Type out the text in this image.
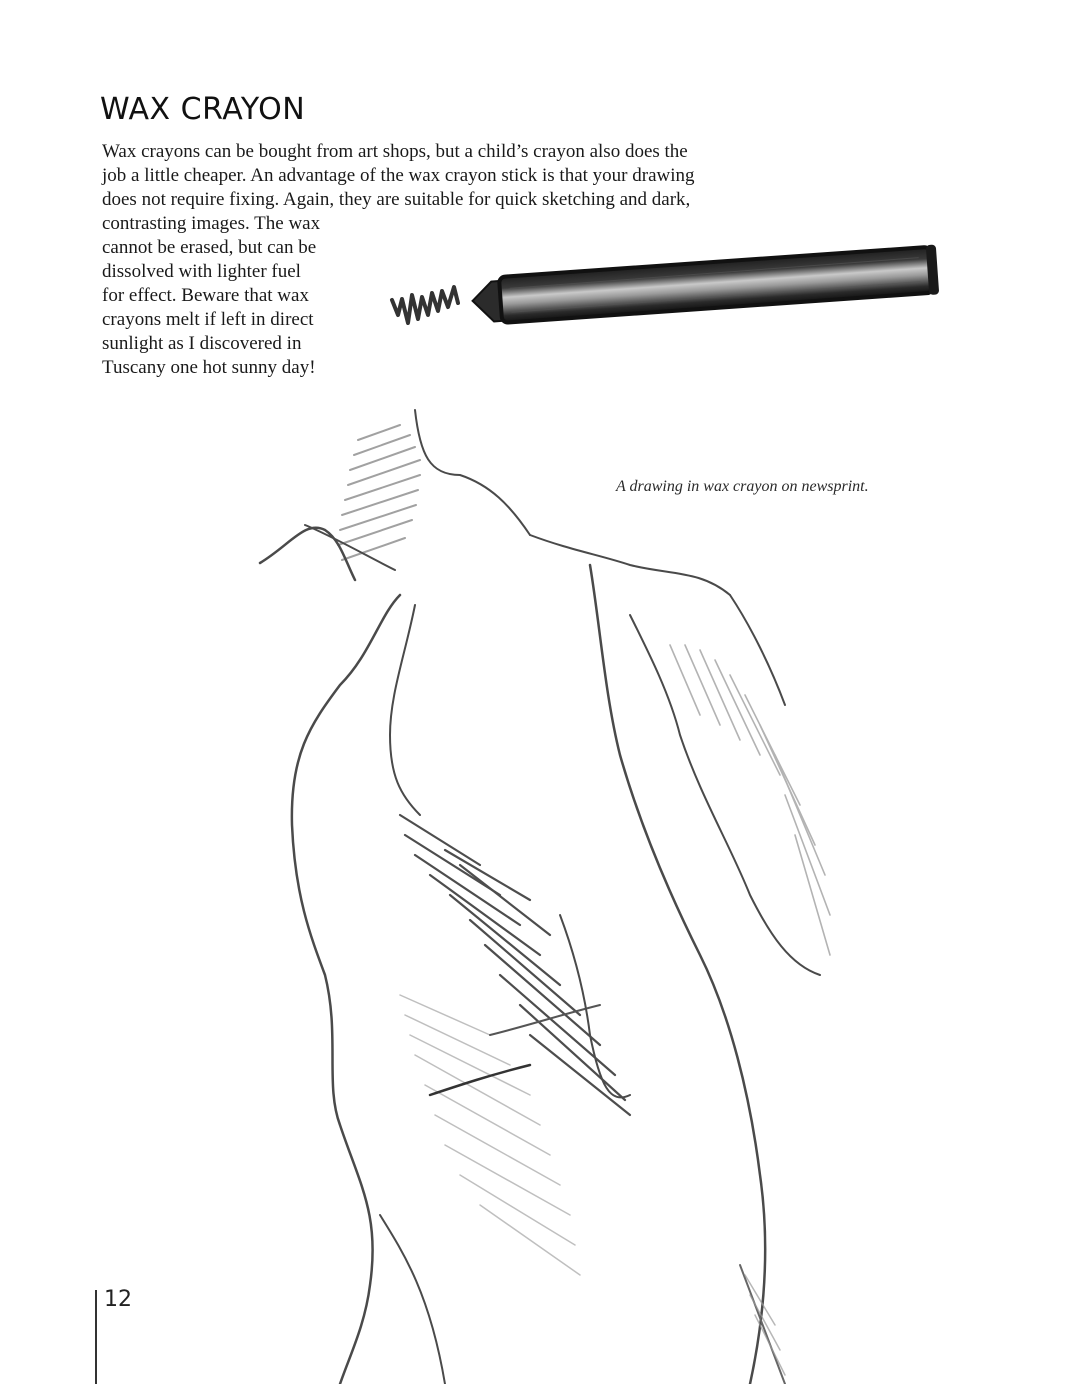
WAX CRAYON

Wax crayons can be bought from art shops, but a child’s crayon also does the
job a little cheaper. An advantage of the wax crayon stick is that your drawing
does not require fixing. Again, they are suitable for quick sketching and dark,

contrasting images. The wax
cannot be erased, but can be
dissolved with lighter fuel
for effect. Beware that wax
crayons melt if left in direct
sunlight as I discovered in
Tuscany one hot sunny day!

A drawing in wax crayon on newsprint.

12
